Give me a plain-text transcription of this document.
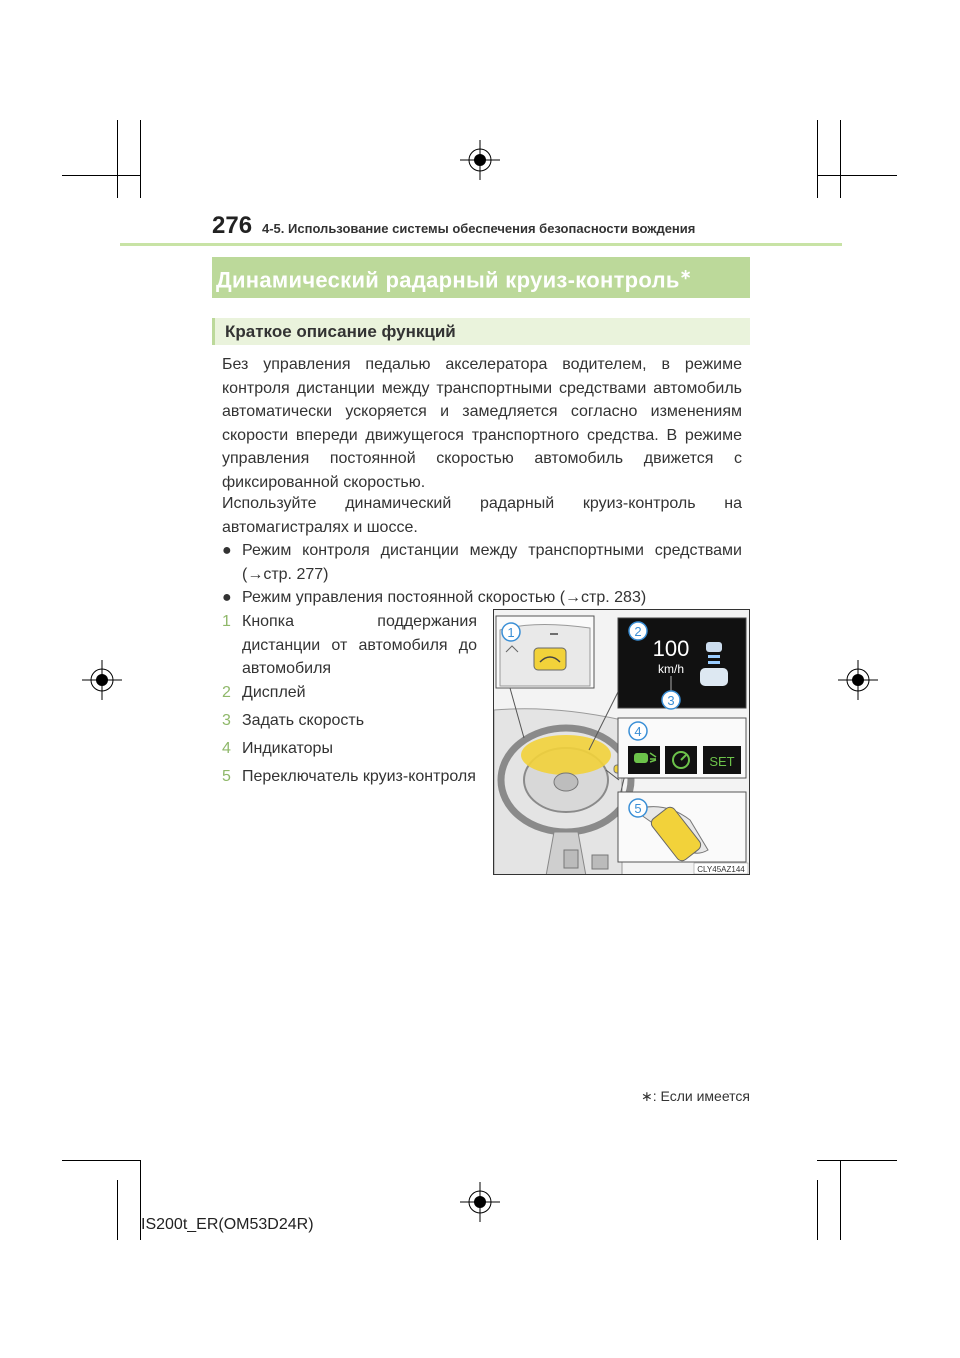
276 4-5. Использование системы обеспечения безопасности вождения
Динамический радарный круиз-контроль∗
Краткое описание функций
Без управления педалью акселератора водителем, в режиме контроля дистанции между транспортными средствами автомобиль автоматически ускоряется и замедляется согласно изменениям скорости впереди движущегося транспортного средства. В режиме управления постоянной скоростью автомобиль движется с фиксированной скоростью.
Используйте динамический радарный круиз-контроль на автомагистралях и шоссе.
● Режим контроля дистанции между транспортными средствами (→стр. 277)
● Режим управления постоянной скоростью (→стр. 283)
1 Кнопка поддержания дистанции от автомобиля до автомобиля
2 Дисплей
3 Задать скорость
4 Индикаторы
5 Переключатель круиз-контроля
1	2
3
4
5
100
km/h
SET
CLY45AZ144
∗: Если имеется
IS200t_ER(OM53D24R)
